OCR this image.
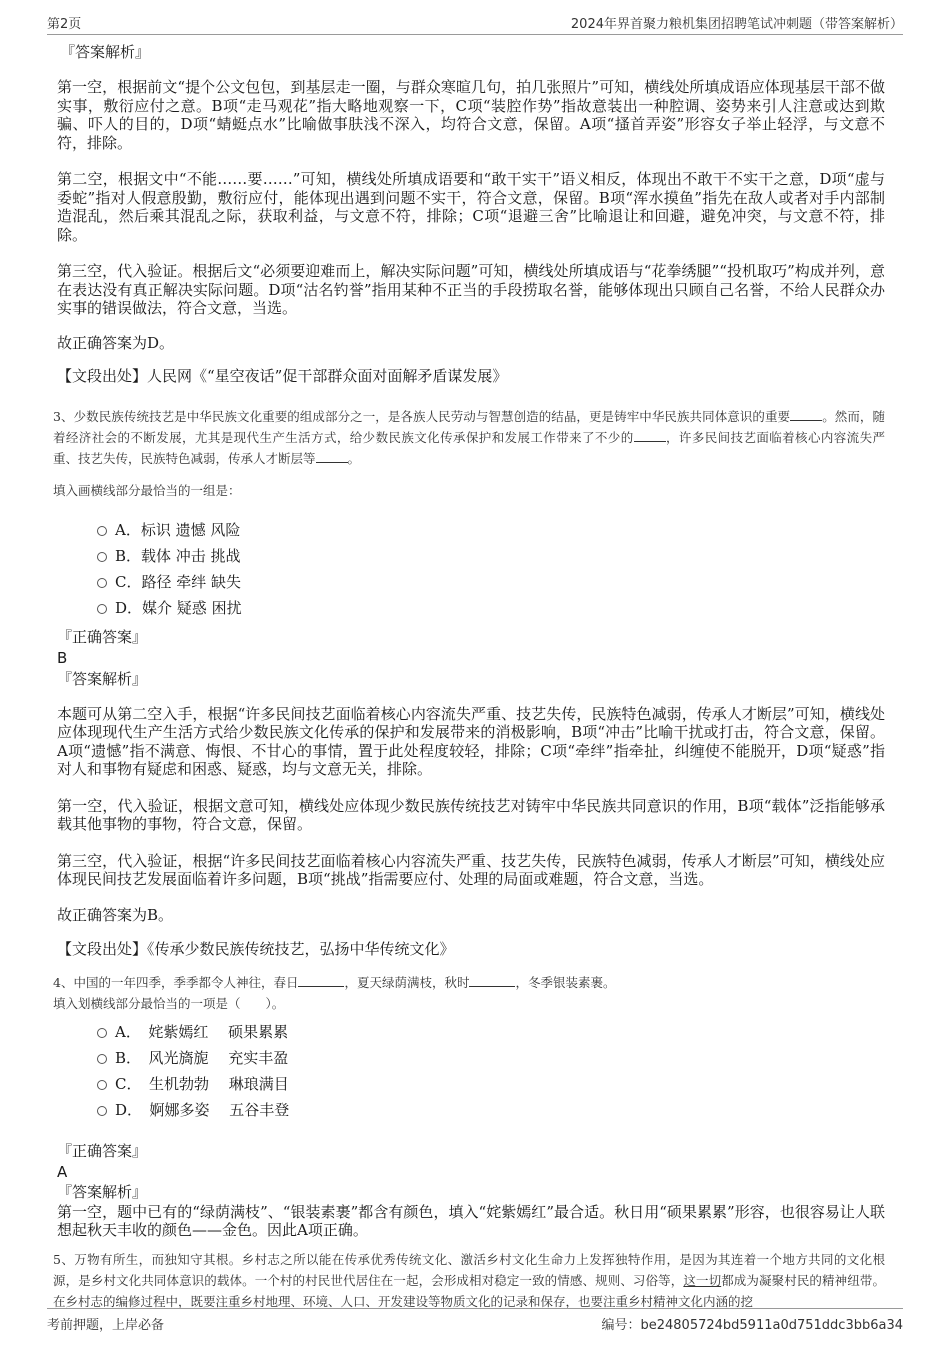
第2页	2024年界首聚力粮机集团招聘笔试冲刺题（带答案解析）
『答案解析』

第一空，根据前文“提个公文包包，到基层走一圈，与群众寒暄几句，拍几张照片”可知，横线处所填成语应体现基层干部不做实事，敷衍应付之意。B项“走马观花”指大略地观察一下，C项“装腔作势”指故意装出一种腔调、姿势来引人注意或达到欺骗、吓人的目的，D项“蜻蜓点水”比喻做事肤浅不深入，均符合文意，保留。A项“搔首弄姿”形容女子举止轻浮，与文意不符，排除。

第二空，根据文中“不能……要……”可知，横线处所填成语要和“敢干实干”语义相反，体现出不敢干不实干之意，D项“虚与委蛇”指对人假意殷勤，敷衍应付，能体现出遇到问题不实干，符合文意，保留。B项“浑水摸鱼”指先在敌人或者对手内部制造混乱，然后乘其混乱之际，获取利益，与文意不符，排除；C项“退避三舍”比喻退让和回避，避免冲突，与文意不符，排除。

第三空，代入验证。根据后文“必须要迎难而上，解决实际问题”可知，横线处所填成语与“花拳绣腿”“投机取巧”构成并列，意在表达没有真正解决实际问题。D项“沽名钓誉”指用某种不正当的手段捞取名誉，能够体现出只顾自己名誉，不给人民群众办实事的错误做法，符合文意，当选。

故正确答案为D。

【文段出处】人民网《“星空夜话”促干部群众面对面解矛盾谋发展》

3、少数民族传统技艺是中华民族文化重要的组成部分之一，是各族人民劳动与智慧创造的结晶，更是铸牢中华民族共同体意识的重要	。然而，随着经济社会的不断发展，尤其是现代生产生活方式，给少数民族文化传承保护和发展工作带来了不少的	，许多民间技艺面临着核心内容流失严重、技艺失传，民族特色减弱，传承人才断层等	。

填入画横线部分最恰当的一组是：

A．标识 遗憾 风险
B．载体 冲击 挑战
C．路径 牵绊 缺失
D．媒介 疑惑 困扰
『正确答案』
B
『答案解析』

本题可从第二空入手，根据“许多民间技艺面临着核心内容流失严重、技艺失传，民族特色减弱，传承人才断层”可知，横线处应体现现代生产生活方式给少数民族文化传承的保护和发展带来的消极影响，B项“冲击”比喻干扰或打击，符合文意，保留。A项“遗憾”指不满意、悔恨、不甘心的事情，置于此处程度较轻，排除；C项“牵绊”指牵扯，纠缠使不能脱开，D项“疑惑”指对人和事物有疑虑和困惑、疑惑，均与文意无关，排除。

第一空，代入验证，根据文意可知，横线处应体现少数民族传统技艺对铸牢中华民族共同意识的作用，B项“载体”泛指能够承载其他事物的事物，符合文意，保留。

第三空，代入验证，根据“许多民间技艺面临着核心内容流失严重、技艺失传，民族特色减弱，传承人才断层”可知，横线处应体现民间技艺发展面临着许多问题，B项“挑战”指需要应付、处理的局面或难题，符合文意，当选。

故正确答案为B。

【文段出处】《传承少数民族传统技艺，弘扬中华传统文化》

4、中国的一年四季，季季都令人神往，春日	，夏天绿荫满枝，秋时	，冬季银装素裹。

填入划横线部分最恰当的一项是（　　）。

A．　姹紫嫣红　 硕果累累
B．　风光旖旎　 充实丰盈
C．　生机勃勃　 琳琅满目
D．　婀娜多姿　 五谷丰登
『正确答案』
A
『答案解析』

第一空，题中已有的“绿荫满枝”、“银装素裹”都含有颜色，填入“姹紫嫣红”最合适。秋日用“硕果累累”形容，也很容易让人联想起秋天丰收的颜色——金色。因此A项正确。

5、万物有所生，而独知守其根。乡村志之所以能在传承优秀传统文化、激活乡村文化生命力上发挥独特作用，是因为其连着一个地方共同的文化根源，是乡村文化共同体意识的载体。一个村的村民世代居住在一起，会形成相对稳定一致的情感、规则、习俗等，这一切都成为凝聚村民的精神纽带。在乡村志的编修过程中，既要注重乡村地理、环境、人口、开发建设等物质文化的记录和保存，也要注重乡村精神文化内涵的挖

考前押题，上岸必备	编号：be24805724bd5911a0d751ddc3bb6a34
